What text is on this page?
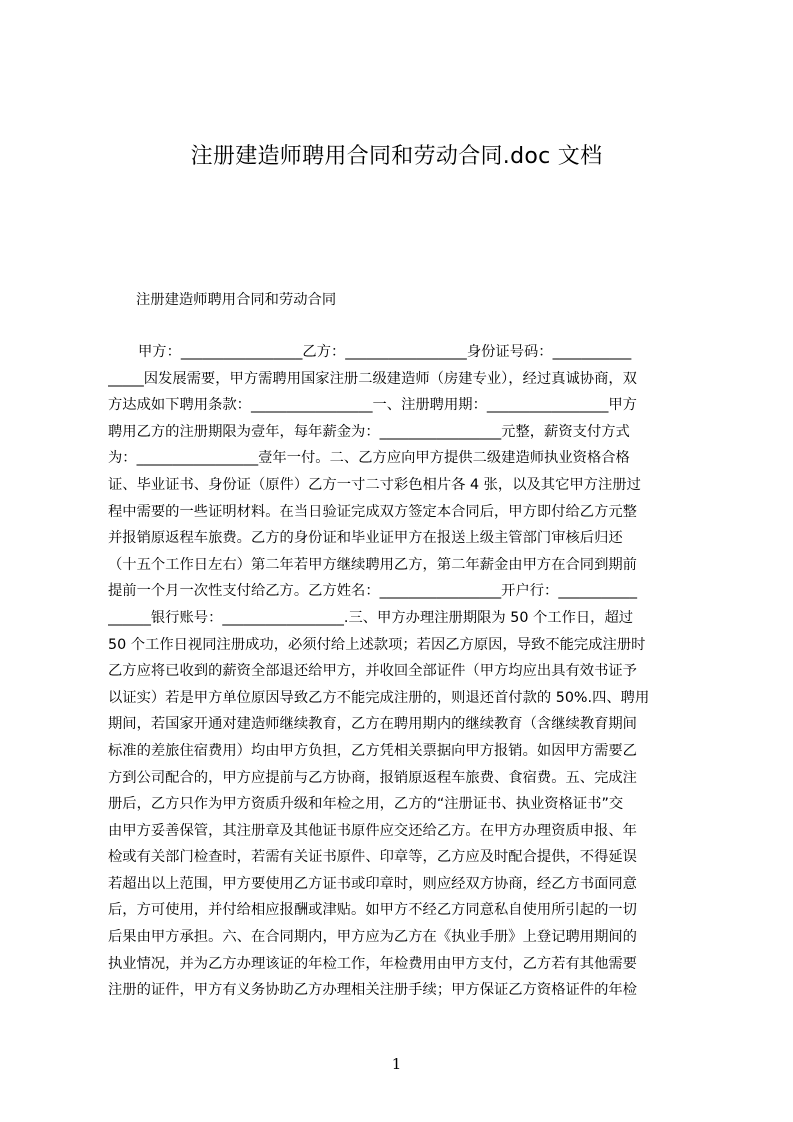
注册建造师聘用合同和劳动合同.doc 文档
注册建造师聘用合同和劳动合同
甲方：_________________乙方：_________________身份证号码：___________
_____因发展需要，甲方需聘用国家注册二级建造师（房建专业），经过真诚协商，双
方达成如下聘用条款：_________________一、注册聘用期：_________________甲方
聘用乙方的注册期限为壹年，每年薪金为：_________________元整，薪资支付方式
为：_________________壹年一付。二、乙方应向甲方提供二级建造师执业资格合格
证、毕业证书、身份证（原件）乙方一寸二寸彩色相片各 4 张，以及其它甲方注册过
程中需要的一些证明材料。在当日验证完成双方签定本合同后，甲方即付给乙方元整
并报销原返程车旅费。乙方的身份证和毕业证甲方在报送上级主管部门审核后归还
（十五个工作日左右）第二年若甲方继续聘用乙方，第二年薪金由甲方在合同到期前
提前一个月一次性支付给乙方。乙方姓名：_________________开户行：___________
______银行账号：_________________.三、甲方办理注册期限为 50 个工作日，超过
50 个工作日视同注册成功，必须付给上述款项；若因乙方原因，导致不能完成注册时
乙方应将已收到的薪资全部退还给甲方，并收回全部证件（甲方均应出具有效书证予
以证实）若是甲方单位原因导致乙方不能完成注册的，则退还首付款的 50%.四、聘用
期间，若国家开通对建造师继续教育，乙方在聘用期内的继续教育（含继续教育期间
标准的差旅住宿费用）均由甲方负担，乙方凭相关票据向甲方报销。如因甲方需要乙
方到公司配合的，甲方应提前与乙方协商，报销原返程车旅费、食宿费。五、完成注
册后，乙方只作为甲方资质升级和年检之用，乙方的“注册证书、执业资格证书”交
由甲方妥善保管，其注册章及其他证书原件应交还给乙方。在甲方办理资质申报、年
检或有关部门检查时，若需有关证书原件、印章等，乙方应及时配合提供，不得延误
若超出以上范围，甲方要使用乙方证书或印章时，则应经双方协商，经乙方书面同意
后，方可使用，并付给相应报酬或津贴。如甲方不经乙方同意私自使用所引起的一切
后果由甲方承担。六、在合同期内，甲方应为乙方在《执业手册》上登记聘用期间的
执业情况，并为乙方办理该证的年检工作，年检费用由甲方支付，乙方若有其他需要
注册的证件，甲方有义务协助乙方办理相关注册手续；甲方保证乙方资格证件的年检
1
